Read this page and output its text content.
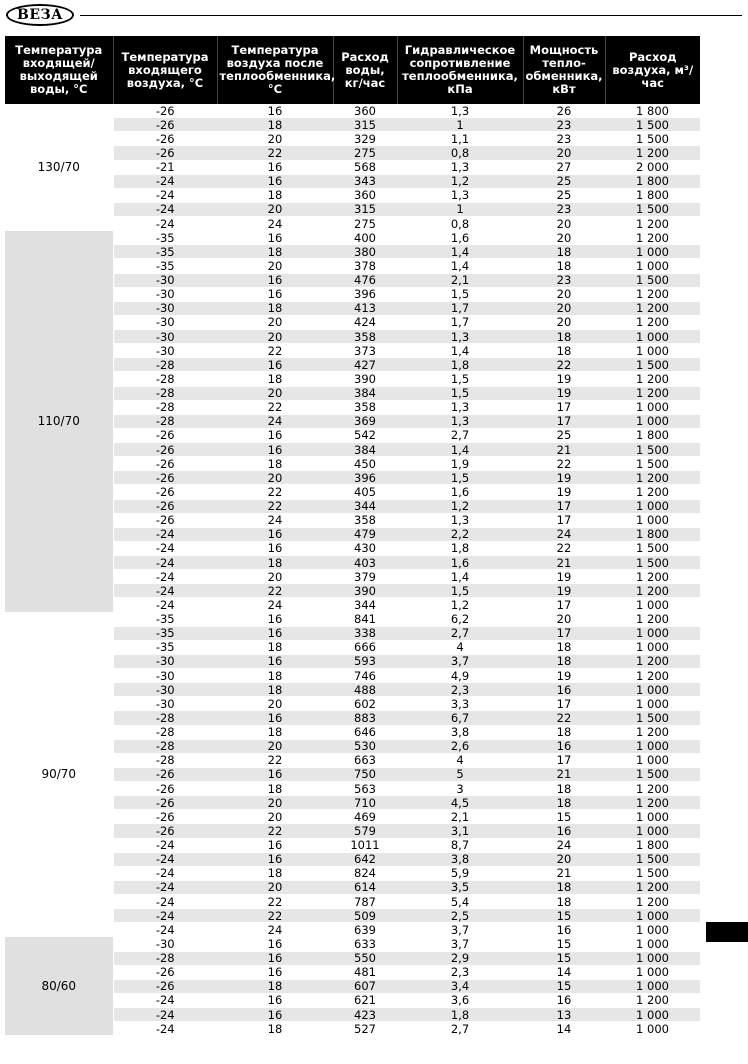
ВЕЗА
Температура входящей/ выходящей воды, °C	Температура входящего воздуха, °C	Температура воздуха после теплообменника, °C	Расход воды, кг/час	Гидравлическое сопротивление теплообменника, кПа	Мощность тепло-обменника, кВт	Расход воздуха, м³/час
130/70	-26	16	360	1,3	26	1 800
	-26	18	315	1	23	1 500
	-26	20	329	1,1	23	1 500
	-26	22	275	0,8	20	1 200
	-21	16	568	1,3	27	2 000
	-24	16	343	1,2	25	1 800
	-24	18	360	1,3	25	1 800
	-24	20	315	1	23	1 500
	-24	24	275	0,8	20	1 200
110/70	-35	16	400	1,6	20	1 200
	-35	18	380	1,4	18	1 000
	-35	20	378	1,4	18	1 000
	-30	16	476	2,1	23	1 500
	-30	16	396	1,5	20	1 200
	-30	18	413	1,7	20	1 200
	-30	20	424	1,7	20	1 200
	-30	20	358	1,3	18	1 000
	-30	22	373	1,4	18	1 000
	-28	16	427	1,8	22	1 500
	-28	18	390	1,5	19	1 200
	-28	20	384	1,5	19	1 200
	-28	22	358	1,3	17	1 000
	-28	24	369	1,3	17	1 000
	-26	16	542	2,7	25	1 800
	-26	16	384	1,4	21	1 500
	-26	18	450	1,9	22	1 500
	-26	20	396	1,5	19	1 200
	-26	22	405	1,6	19	1 200
	-26	22	344	1,2	17	1 000
	-26	24	358	1,3	17	1 000
	-24	16	479	2,2	24	1 800
	-24	16	430	1,8	22	1 500
	-24	18	403	1,6	21	1 500
	-24	20	379	1,4	19	1 200
	-24	22	390	1,5	19	1 200
	-24	24	344	1,2	17	1 000
90/70	-35	16	841	6,2	20	1 200
	-35	16	338	2,7	17	1 000
	-35	18	666	4	18	1 000
	-30	16	593	3,7	18	1 200
	-30	18	746	4,9	19	1 200
	-30	18	488	2,3	16	1 000
	-30	20	602	3,3	17	1 000
	-28	16	883	6,7	22	1 500
	-28	18	646	3,8	18	1 200
	-28	20	530	2,6	16	1 000
	-28	22	663	4	17	1 000
	-26	16	750	5	21	1 500
	-26	18	563	3	18	1 200
	-26	20	710	4,5	18	1 200
	-26	20	469	2,1	15	1 000
	-26	22	579	3,1	16	1 000
	-24	16	1011	8,7	24	1 800
	-24	16	642	3,8	20	1 500
	-24	18	824	5,9	21	1 500
	-24	20	614	3,5	18	1 200
	-24	22	787	5,4	18	1 200
	-24	22	509	2,5	15	1 000
	-24	24	639	3,7	16	1 000
80/60	-30	16	633	3,7	15	1 000
	-28	16	550	2,9	15	1 000
	-26	16	481	2,3	14	1 000
	-26	18	607	3,4	15	1 000
	-24	16	621	3,6	16	1 200
	-24	16	423	1,8	13	1 000
	-24	18	527	2,7	14	1 000
